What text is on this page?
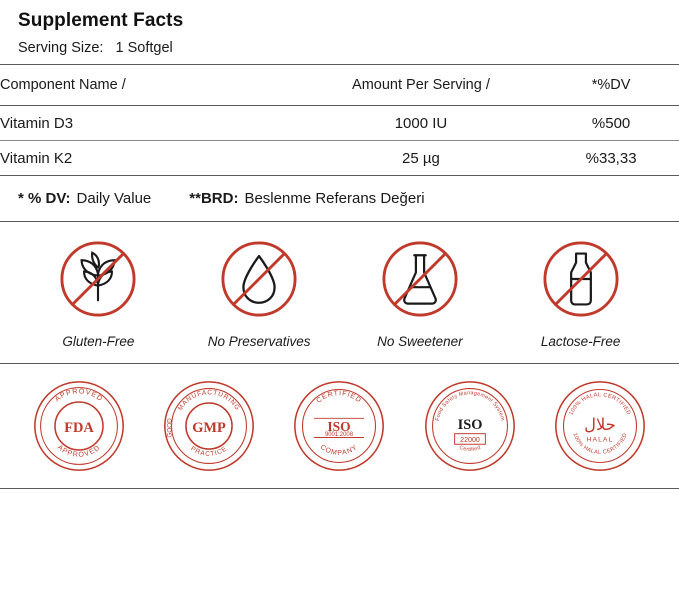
Supplement Facts
Serving Size: 1 Softgel
Component Name /	Amount Per Serving /	*%DV
Vitamin D3	1000 IU	%500
Vitamin K2	25 µg	%33,33
* % DV: Daily Value	**BRD: Beslenme Referans Değeri
Gluten-Free	No Preservatives	No Sweetener	Lactose-Free
APPROVED
APPROVED
FDA
MANUFACTURING
PRACTICE
GOOD GMP
CERTIFIED
COMPANY
ISO
9001:2008
Food Safety Management System
Certified
ISO
22000
100% HALAL CERTIFIED
100% HALAL CERTIFIED
حلال
HALAL
